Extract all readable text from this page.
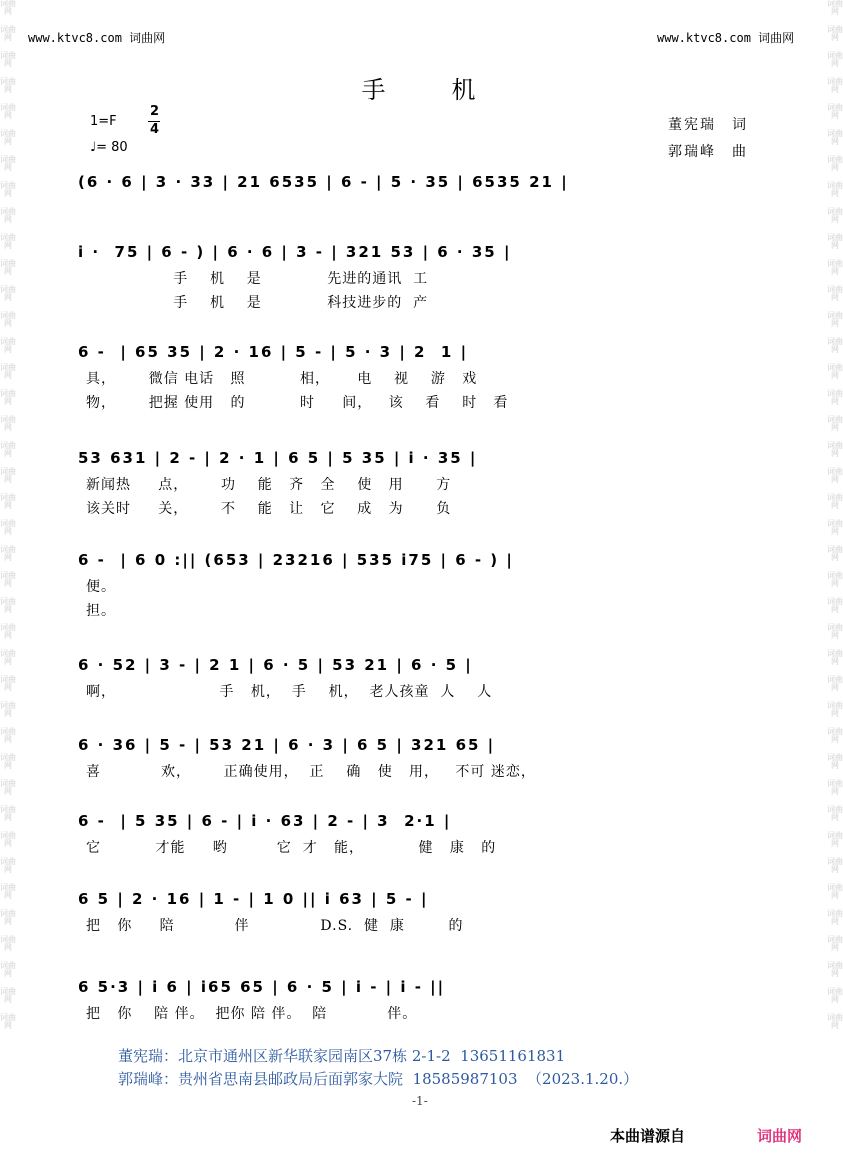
词曲网
词曲网
词曲网
词曲网
词曲网
词曲网
词曲网
词曲网
词曲网
词曲网
词曲网
词曲网
词曲网
词曲网
词曲网
词曲网
词曲网
词曲网
词曲网
词曲网
词曲网
词曲网
词曲网
词曲网
词曲网
词曲网
词曲网
词曲网
词曲网
词曲网
词曲网
词曲网
词曲网
词曲网
词曲网
词曲网
词曲网
词曲网
词曲网
词曲网
词曲网
词曲网
词曲网
词曲网
词曲网
词曲网
词曲网
词曲网
词曲网
词曲网
词曲网
词曲网
词曲网
词曲网
词曲网
词曲网
词曲网
词曲网
词曲网
词曲网
词曲网
词曲网
词曲网
词曲网
词曲网
词曲网
词曲网
词曲网
词曲网
词曲网
词曲网
词曲网
词曲网
词曲网
词曲网
词曲网
词曲网
词曲网
词曲网
词曲网
www.ktvc8.com 词曲网	www.ktvc8.com 词曲网
手　　机
1=F
2
4
♩= 80
董宪瑞　词
郭瑞峰　曲
(6 · 6 | 3 · 33 | 21 6535 | 6 - | 5 · 35 | 6535 21 |
i ·  75 | 6 - ) | 6 · 6 | 3 - | 321 53 | 6 · 35 |
手    机    是            先进的通讯  工
手    机    是            科技进步的  产
6 -  | 65 35 | 2 · 16 | 5 - | 5 · 3 | 2  1 |
具，      微信 电话   照          相，     电    视    游   戏
物，      把握 使用   的          时     间，   该    看    时   看
53 631 | 2 - | 2 · 1 | 6 5 | 5 35 | i · 35 |
新闻热     点，      功    能   齐   全    使   用      方
该关时     关，      不    能   让   它    成   为      负
6 -  | 6 0 :|| (653 | 23216 | 535 i75 | 6 - ) |
便。
担。
6 · 52 | 3 - | 2 1 | 6 · 5 | 53 21 | 6 · 5 |
啊，                   手   机，  手    机，  老人孩童  人    人
6 · 36 | 5 - | 53 21 | 6 · 3 | 6 5 | 321 65 |
喜           欢，      正确使用，  正    确   使   用，   不可 迷恋，
6 -  | 5 35 | 6 - | i · 63 | 2 - | 3  2·1 |
它          才能     哟         它  才   能，          健   康   的
6 5 | 2 · 16 | 1 - | 1 0 || i 63 | 5 - |
把   你     陪           伴             D.S.  健  康        的
6 5·3 | i 6 | i65 65 | 6 · 5 | i - | i - ||
把   你    陪 伴。  把你 陪 伴。  陪           伴。
董宪瑞：北京市通州区新华联家园南区37栋 2-1-2  13651161831
郭瑞峰：贵州省思南县邮政局后面郭家大院  18585987103  （2023.1.20.）
-1-
本曲谱源自	词曲网
